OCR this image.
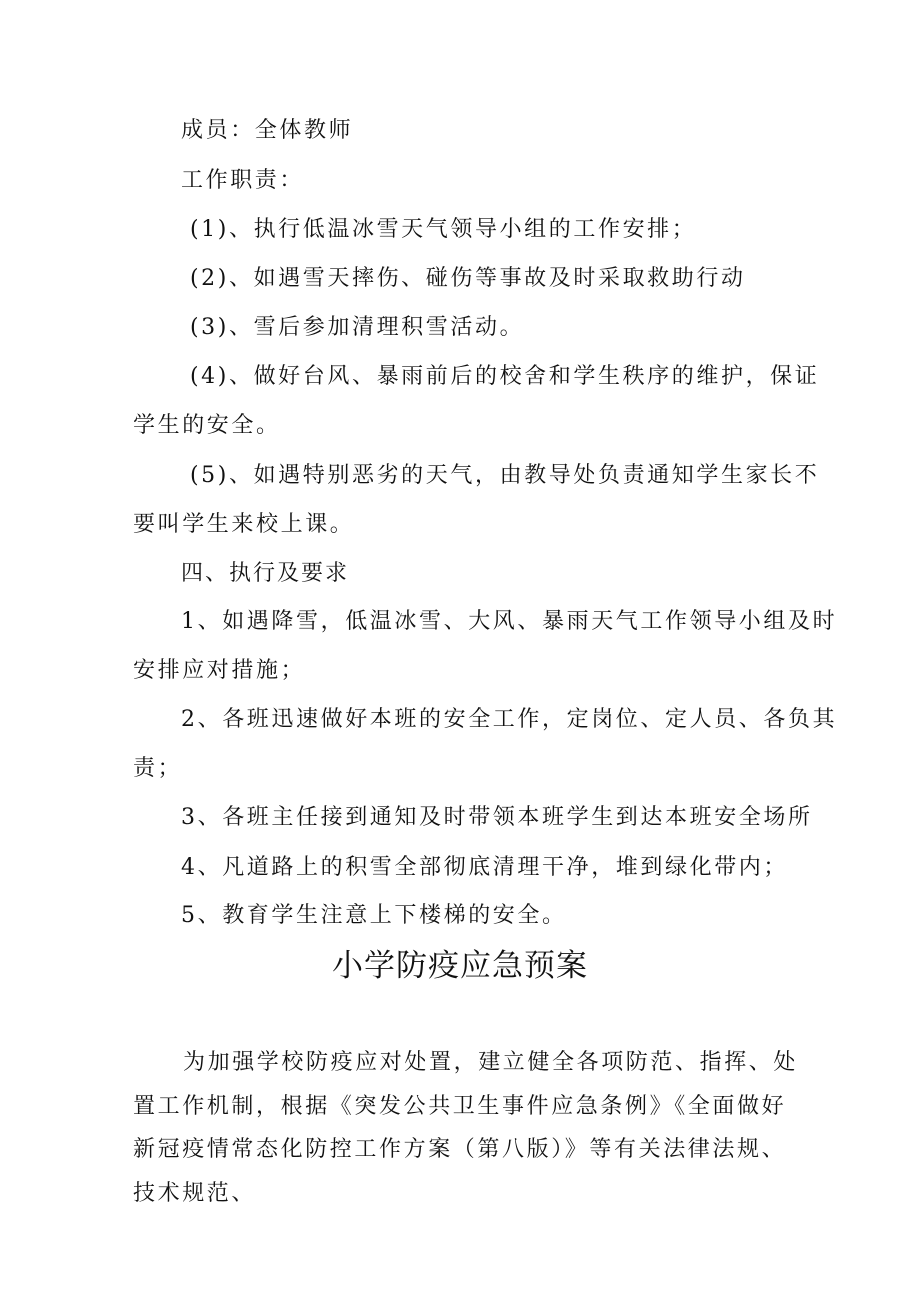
成员：全体教师

工作职责：

(1)、执行低温冰雪天气领导小组的工作安排；

(2)、如遇雪天摔伤、碰伤等事故及时采取救助行动

(3)、雪后参加清理积雪活动。

(4)、做好台风、暴雨前后的校舍和学生秩序的维护，保证

学生的安全。

(5)、如遇特别恶劣的天气，由教导处负责通知学生家长不

要叫学生来校上课。

四、执行及要求

1、如遇降雪，低温冰雪、大风、暴雨天气工作领导小组及时

安排应对措施；

2、各班迅速做好本班的安全工作，定岗位、定人员、各负其

责；

3、各班主任接到通知及时带领本班学生到达本班安全场所

4、凡道路上的积雪全部彻底清理干净，堆到绿化带内；

5、教育学生注意上下楼梯的安全。

小学防疫应急预案

为加强学校防疫应对处置，建立健全各项防范、指挥、处置工作机制，根据《突发公共卫生事件应急条例》《全面做好新冠疫情常态化防控工作方案（第八版）》等有关法律法规、技术规范、
